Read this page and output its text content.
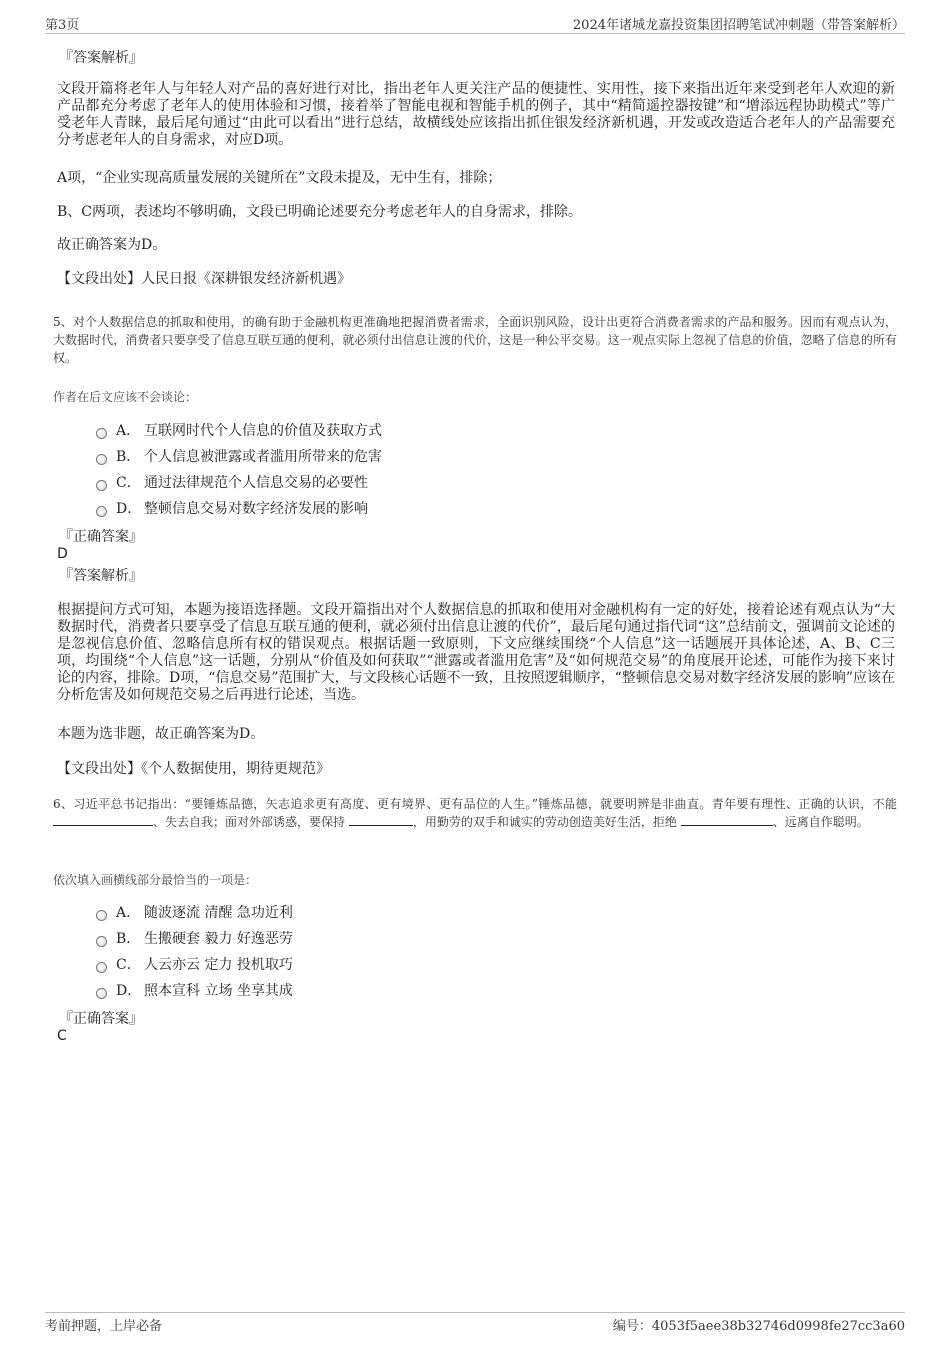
第3页	2024年诸城龙嘉投资集团招聘笔试冲刺题（带答案解析）
『答案解析』
文段开篇将老年人与年轻人对产品的喜好进行对比，指出老年人更关注产品的便捷性、实用性，接下来指出近年来受到老年人欢迎的新产品都充分考虑了老年人的使用体验和习惯，接着举了智能电视和智能手机的例子，其中“精简遥控器按键”和“增添远程协助模式”等广受老年人青睐，最后尾句通过“由此可以看出”进行总结，故横线处应该指出抓住银发经济新机遇，开发或改造适合老年人的产品需要充分考虑老年人的自身需求，对应D项。
A项，“企业实现高质量发展的关键所在”文段未提及，无中生有，排除；
B、C两项，表述均不够明确，文段已明确论述要充分考虑老年人的自身需求，排除。
故正确答案为D。
【文段出处】人民日报《深耕银发经济新机遇》
5、对个人数据信息的抓取和使用，的确有助于金融机构更准确地把握消费者需求，全面识别风险，设计出更符合消费者需求的产品和服务。因而有观点认为，大数据时代，消费者只要享受了信息互联互通的便利，就必须付出信息让渡的代价，这是一种公平交易。这一观点实际上忽视了信息的价值，忽略了信息的所有权。
作者在后文应该不会谈论：
A． 互联网时代个人信息的价值及获取方式
B． 个人信息被泄露或者滥用所带来的危害
C． 通过法律规范个人信息交易的必要性
D． 整顿信息交易对数字经济发展的影响
『正确答案』
D
『答案解析』
根据提问方式可知，本题为接语选择题。文段开篇指出对个人数据信息的抓取和使用对金融机构有一定的好处，接着论述有观点认为“大数据时代，消费者只要享受了信息互联互通的便利，就必须付出信息让渡的代价”，最后尾句通过指代词“这”总结前文，强调前文论述的是忽视信息价值、忽略信息所有权的错误观点。根据话题一致原则，下文应继续围绕“个人信息”这一话题展开具体论述，A、B、C三项，均围绕“个人信息”这一话题，分别从“价值及如何获取”“泄露或者滥用危害”及“如何规范交易”的角度展开论述，可能作为接下来讨论的内容，排除。D项，“信息交易”范围扩大，与文段核心话题不一致，且按照逻辑顺序，“整顿信息交易对数字经济发展的影响”应该在分析危害及如何规范交易之后再进行论述，当选。
本题为选非题，故正确答案为D。
【文段出处】《个人数据使用，期待更规范》
6、习近平总书记指出：“要锤炼品德，矢志追求更有高度、更有境界、更有品位的人生。”锤炼品德，就要明辨是非曲直。青年要有理性、正确的认识，不能 、失去自我；面对外部诱惑，要保持	，用勤劳的双手和诚实的劳动创造美好生活，拒绝	、远离自作聪明。
依次填入画横线部分最恰当的一项是：
A． 随波逐流 清醒 急功近利
B． 生搬硬套 毅力 好逸恶劳
C． 人云亦云 定力 投机取巧
D． 照本宣科 立场 坐享其成
『正确答案』
C
考前押题，上岸必备	编号：4053f5aee38b32746d0998fe27cc3a60
